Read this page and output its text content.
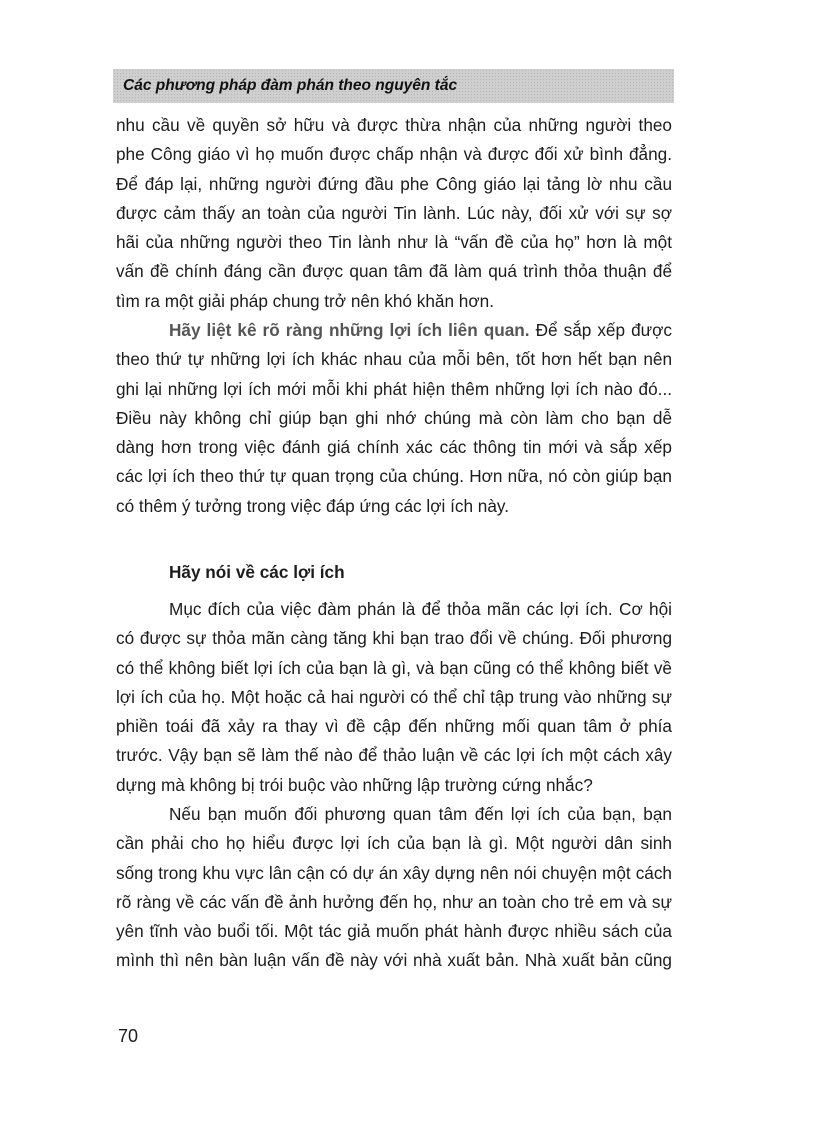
Các phương pháp đàm phán theo nguyên tắc
nhu cầu về quyền sở hữu và được thừa nhận của những người theo
phe Công giáo vì họ muốn được chấp nhận và được đối xử bình đẳng.
Để đáp lại, những người đứng đầu phe Công giáo lại tảng lờ nhu cầu
được cảm thấy an toàn của người Tin lành. Lúc này, đối xử với sự sợ
hãi của những người theo Tin lành như là “vấn đề của họ” hơn là một
vấn đề chính đáng cần được quan tâm đã làm quá trình thỏa thuận để
tìm ra một giải pháp chung trở nên khó khăn hơn.
Hãy liệt kê rõ ràng những lợi ích liên quan. Để sắp xếp được
theo thứ tự những lợi ích khác nhau của mỗi bên, tốt hơn hết bạn nên
ghi lại những lợi ích mới mỗi khi phát hiện thêm những lợi ích nào đó...
Điều này không chỉ giúp bạn ghi nhớ chúng mà còn làm cho bạn dễ
dàng hơn trong việc đánh giá chính xác các thông tin mới và sắp xếp
các lợi ích theo thứ tự quan trọng của chúng. Hơn nữa, nó còn giúp bạn
có thêm ý tưởng trong việc đáp ứng các lợi ích này.
Hãy nói về các lợi ích
Mục đích của việc đàm phán là để thỏa mãn các lợi ích. Cơ hội
có được sự thỏa mãn càng tăng khi bạn trao đổi về chúng. Đối phương
có thể không biết lợi ích của bạn là gì, và bạn cũng có thể không biết về
lợi ích của họ. Một hoặc cả hai người có thể chỉ tập trung vào những sự
phiền toái đã xảy ra thay vì đề cập đến những mối quan tâm ở phía
trước. Vậy bạn sẽ làm thế nào để thảo luận về các lợi ích một cách xây
dựng mà không bị trói buộc vào những lập trường cứng nhắc?
Nếu bạn muốn đối phương quan tâm đến lợi ích của bạn, bạn
cần phải cho họ hiểu được lợi ích của bạn là gì. Một người dân sinh
sống trong khu vực lân cận có dự án xây dựng nên nói chuyện một cách
rõ ràng về các vấn đề ảnh hưởng đến họ, như an toàn cho trẻ em và sự
yên tĩnh vào buổi tối. Một tác giả muốn phát hành được nhiều sách của
mình thì nên bàn luận vấn đề này với nhà xuất bản. Nhà xuất bản cũng
70
